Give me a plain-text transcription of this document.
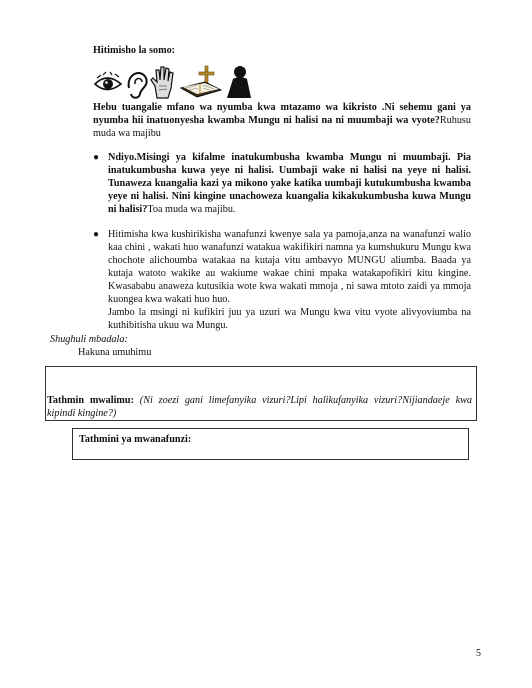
Hitimisho la somo:
Hebu tuangalie mfano wa nyumba kwa mtazamo wa kikristo .Ni sehemu gani ya nyumba hii inatuonyesha kwamba Mungu ni halisi na ni muumbaji wa vyote?Ruhusu muda wa majibu
● Ndiyo.Misingi ya kifalme inatukumbusha kwamba Mungu ni muumbaji. Pia inatukumbusha kuwa yeye ni halisi. Uumbaji wake ni halisi na yeye ni halisi. Tunaweza kuangalia kazi ya mikono yake katika uumbaji kutukumbusha kwamba yeye ni halisi. Nini kingine unachoweza kuangalia kikakukumbusha kuwa Mungu ni halisi?Toa muda wa majibu.
● Hitimisha kwa kushirikisha wanafunzi kwenye sala ya pamoja,anza na wanafunzi walio kaa chini , wakati huo wanafunzi watakua wakifikiri namna ya kumshukuru Mungu kwa chochote alichoumba watakaa na kutaja vitu ambavyo MUNGU aliumba. Baada ya kutaja watoto wakike au wakiume wakae chini mpaka watakapofikiri kitu kingine. Kwasababu anaweza kutusikia wote kwa wakati mmoja , ni sawa mtoto zaidi ya mmoja kuongea kwa wakati huo huo.
Jambo la msingi ni kufikiri juu ya uzuri wa Mungu kwa vitu vyote alivyoviumba na kuthibitisha ukuu wa Mungu.
Shughuli mbadala:
Hakuna umuhimu
Tathmin mwalimu: (Ni zoezi gani limefanyika vizuri?Lipi halikufanyika vizuri?Nijiandaeje kwa kipindi kingine?)
Tathmini ya mwanafunzi:
5
